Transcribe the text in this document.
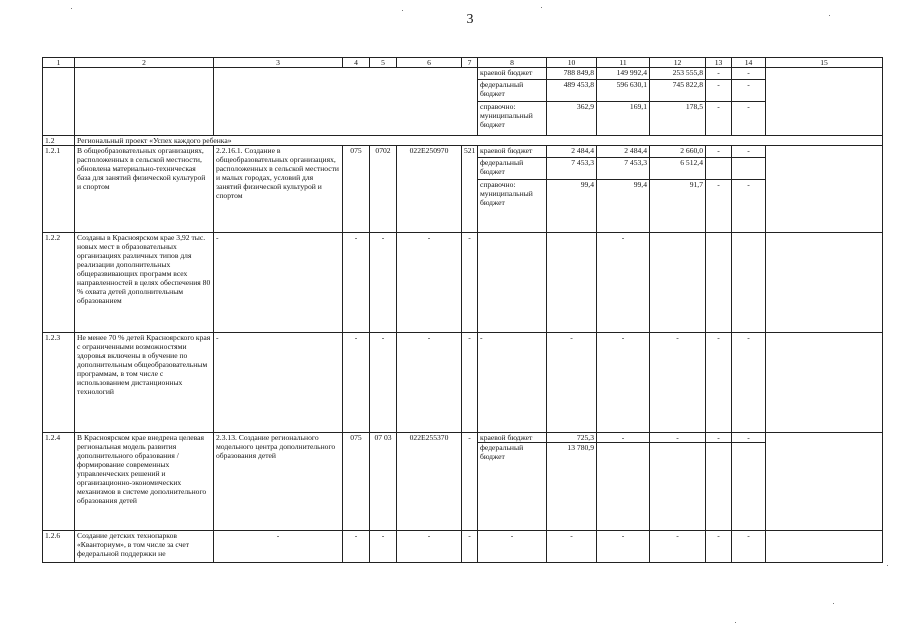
3
1	2	3	4	5	6	7	8	10	11	12	13	14	15
							краевой бюджет	788 849,8	149 992,4	253 555,8	-	-	
							федеральный бюджет	489 453,8	596 630,1	745 822,8	-	-	
							справочно: муниципальный бюджет	362,9	169,1	178,5	-	-	
1.2	Региональный проект «Успех каждого ребенка»												
1.2.1	В общеобразовательных организациях, расположенных в сельской местности, обновлена материально-техническая база для занятий физической культурой и спортом	2.2.16.1. Создание в общеобразовательных организациях, расположенных в сельской местности и малых городах, условий для занятий физической культурой и спортом	075	0702	022E250970	521	краевой бюджет	2 484,4	2 484,4	2 660,0	-	-	
							федеральный бюджет	7 453,3	7 453,3	6 512,4			
							справочно: муниципальный бюджет	99,4	99,4	91,7	-	-	
1.2.2	Созданы в Красноярском крае 3,92 тыс. новых мест в образовательных организациях различных типов для реализации дополнительных общеразвивающих программ всех направленностей в целях обеспечения 80 % охвата детей дополнительным образованием	-	-	-	-	-			-				
1.2.3	Не менее 70 % детей Красноярского края с ограниченными возможностями здоровья включены в обучение по дополнительным общеобразовательным программам, в том числе с использованием дистанционных технологий	-	-	-	-	-	-	-	-	-	-	-	
1.2.4	В Красноярском крае внедрена целевая региональная модель развития дополнительного образования / формирование современных управленческих решений и организационно-экономических механизмов в системе дополнительного образования детей	2.3.13. Создание регионального модельного центра дополнительного образования детей	075	07 03	022E255370	-	краевой бюджет	725,3	-	-	-	-	
							федеральный бюджет	13 780,9					
1.2.6	Создание детских технопарков «Кванториум», в том числе за счет федеральной поддержки не	-	-	-	-	-	-	-	-	-	-	-	
